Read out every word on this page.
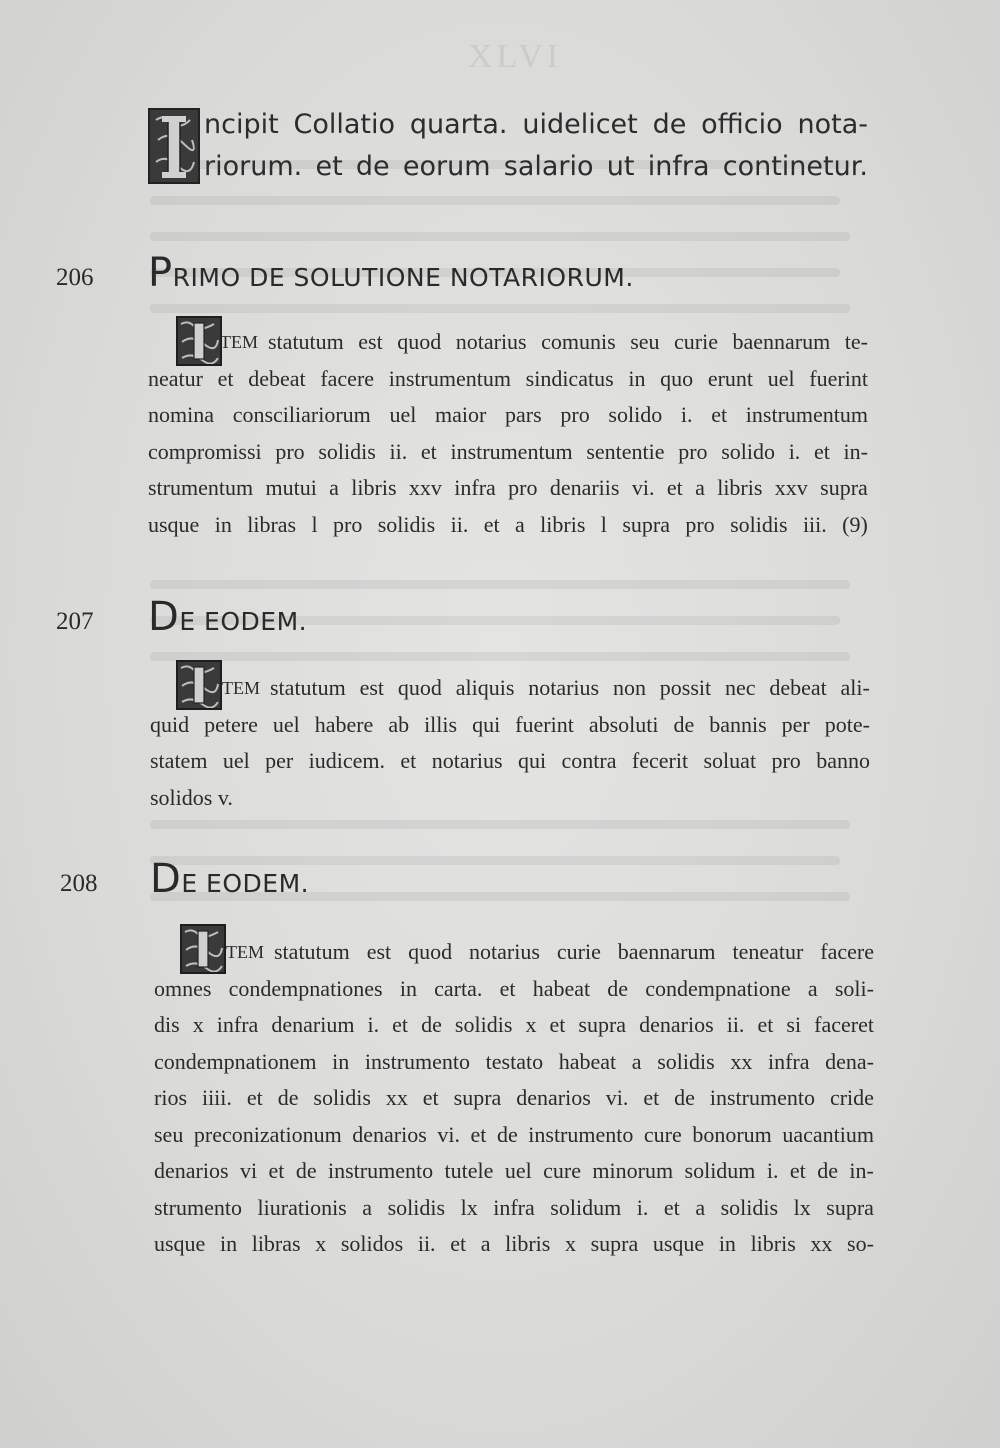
XLVI
ncipit Collatio quarta. uidelicet de officio nota-
riorum. et de eorum salario ut infra continetur.
206 PRIMO DE SOLUTIONE NOTARIORUM.
TEM statutum est quod notarius comunis seu curie baennarum te-
neatur et debeat facere instrumentum sindicatus in quo erunt uel fuerint
nomina consciliariorum uel maior pars pro solido i. et instrumentum
compromissi pro solidis ii. et instrumentum sententie pro solido i. et in-
strumentum mutui a libris xxv infra pro denariis vi. et a libris xxv supra
usque in libras l pro solidis ii. et a libris l supra pro solidis iii. (9)
207 DE EODEM.
TEM statutum est quod aliquis notarius non possit nec debeat ali-
quid petere uel habere ab illis qui fuerint absoluti de bannis per pote-
statem uel per iudicem. et notarius qui contra fecerit soluat pro banno
solidos v.
208 DE EODEM.
TEM statutum est quod notarius curie baennarum teneatur facere
omnes condempnationes in carta. et habeat de condempnatione a soli-
dis x infra denarium i. et de solidis x et supra denarios ii. et si faceret
condempnationem in instrumento testato habeat a solidis xx infra dena-
rios iiii. et de solidis xx et supra denarios vi. et de instrumento cride
seu preconizationum denarios vi. et de instrumento cure bonorum uacantium
denarios vi et de instrumento tutele uel cure minorum solidum i. et de in-
strumento liurationis a solidis lx infra solidum i. et a solidis lx supra
usque in libras x solidos ii. et a libris x supra usque in libris xx so-
